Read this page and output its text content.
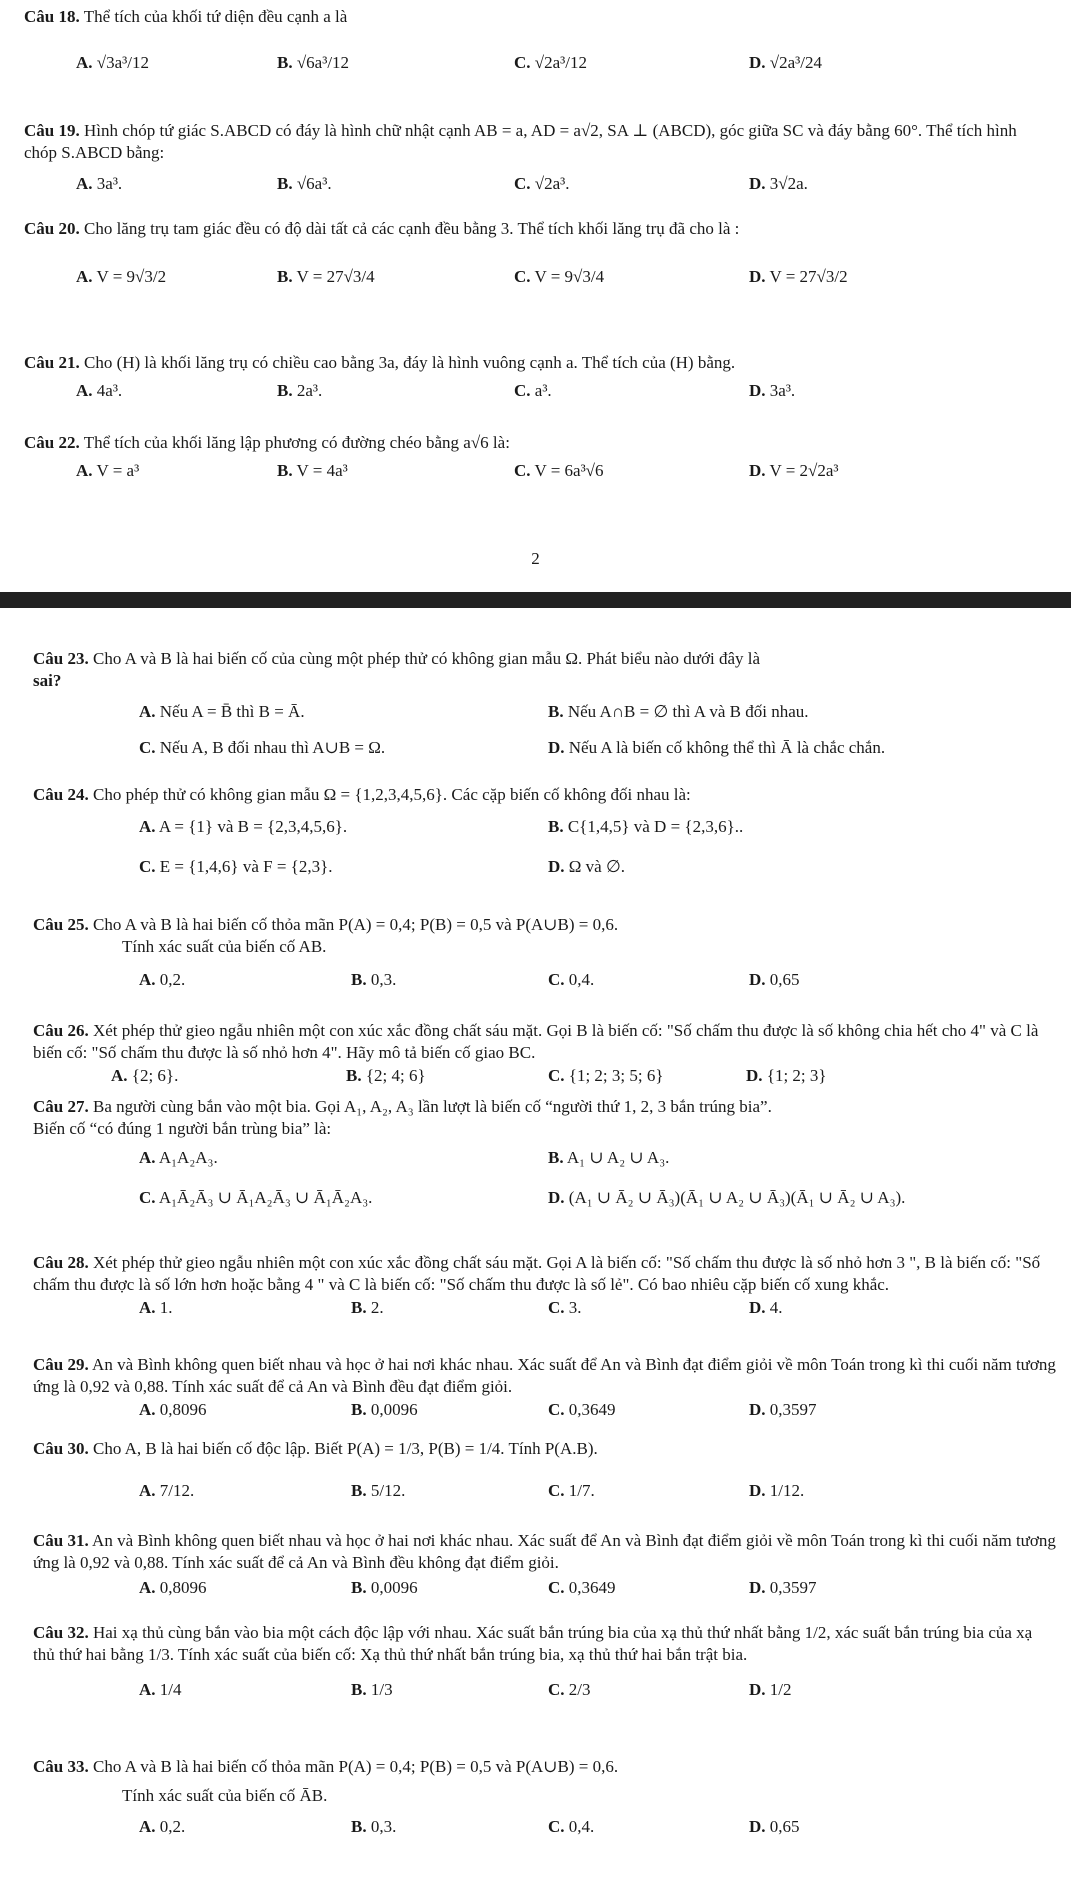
Câu 18. Thể tích của khối tứ diện đều cạnh a là
A. √3a³/12	B. √6a³/12	C. √2a³/12	D. √2a³/24
Câu 19. Hình chóp tứ giác S.ABCD có đáy là hình chữ nhật cạnh AB = a, AD = a√2, SA ⊥ (ABCD), góc giữa SC và đáy bằng 60°. Thể tích hình chóp S.ABCD bằng:
A. 3a³.	B. √6a³.	C. √2a³.	D. 3√2a.
Câu 20. Cho lăng trụ tam giác đều có độ dài tất cả các cạnh đều bằng 3. Thể tích khối lăng trụ đã cho là :
A. V = 9√3/2	B. V = 27√3/4	C. V = 9√3/4	D. V = 27√3/2
Câu 21. Cho (H) là khối lăng trụ có chiều cao bằng 3a, đáy là hình vuông cạnh a. Thể tích của (H) bằng.
A. 4a³.	B. 2a³.	C. a³.	D. 3a³.
Câu 22. Thể tích của khối lăng lập phương có đường chéo bằng a√6 là:
A. V = a³	B. V = 4a³	C. V = 6a³√6	D. V = 2√2a³
2
Câu 23. Cho A và B là hai biến cố của cùng một phép thử có không gian mẫu Ω. Phát biểu nào dưới đây là
sai?
A. Nếu A = B̄ thì B = Ā.	B. Nếu A∩B = ∅ thì A và B đối nhau.
C. Nếu A, B đối nhau thì A∪B = Ω.	D. Nếu A là biến cố không thể thì Ā là chắc chắn.
Câu 24. Cho phép thử có không gian mẫu Ω = {1,2,3,4,5,6}. Các cặp biến cố không đối nhau là:
A. A = {1} và B = {2,3,4,5,6}.	B. C{1,4,5} và D = {2,3,6}..
C. E = {1,4,6} và F = {2,3}.	D. Ω và ∅.
Câu 25. Cho A và B là hai biến cố thỏa mãn P(A) = 0,4; P(B) = 0,5 và P(A∪B) = 0,6.
Tính xác suất của biến cố AB.
A. 0,2.	B. 0,3.	C. 0,4.	D. 0,65
Câu 26. Xét phép thử gieo ngẫu nhiên một con xúc xắc đồng chất sáu mặt. Gọi B là biến cố: "Số chấm thu được là số không chia hết cho 4" và C là biến cố: "Số chấm thu được là số nhỏ hơn 4". Hãy mô tả biến cố giao BC.
A. {2; 6}.	B. {2; 4; 6}	C. {1; 2; 3; 5; 6}	D. {1; 2; 3}
Câu 27. Ba người cùng bắn vào một bia. Gọi A₁, A₂, A₃ lần lượt là biến cố “người thứ 1, 2, 3 bắn trúng bia”.
Biến cố “có đúng 1 người bắn trùng bia” là:
A. A₁A₂A₃.	B. A₁ ∪ A₂ ∪ A₃.
C. A₁Ā₂Ā₃ ∪ Ā₁A₂Ā₃ ∪ Ā₁Ā₂A₃.	D. (A₁ ∪ Ā₂ ∪ Ā₃)(Ā₁ ∪ A₂ ∪ Ā₃)(Ā₁ ∪ Ā₂ ∪ A₃).
Câu 28. Xét phép thử gieo ngẫu nhiên một con xúc xắc đồng chất sáu mặt. Gọi A là biến cố: "Số chấm thu được là số nhỏ hơn 3 ", B là biến cố: "Số chấm thu được là số lớn hơn hoặc bằng 4 " và C là biến cố: "Số chấm thu được là số lẻ". Có bao nhiêu cặp biến cố xung khắc.
A. 1.	B. 2.	C. 3.	D. 4.
Câu 29. An và Bình không quen biết nhau và học ở hai nơi khác nhau. Xác suất để An và Bình đạt điểm giỏi về môn Toán trong kì thi cuối năm tương ứng là 0,92 và 0,88. Tính xác suất để cả An và Bình đều đạt điểm giỏi.
A. 0,8096	B. 0,0096	C. 0,3649	D. 0,3597
Câu 30. Cho A, B là hai biến cố độc lập. Biết P(A) = 1/3, P(B) = 1/4. Tính P(A.B).
A. 7/12.	B. 5/12.	C. 1/7.	D. 1/12.
Câu 31. An và Bình không quen biết nhau và học ở hai nơi khác nhau. Xác suất để An và Bình đạt điểm giỏi về môn Toán trong kì thi cuối năm tương ứng là 0,92 và 0,88. Tính xác suất để cả An và Bình đều không đạt điểm giỏi.
A. 0,8096	B. 0,0096	C. 0,3649	D. 0,3597
Câu 32. Hai xạ thủ cùng bắn vào bia một cách độc lập với nhau. Xác suất bắn trúng bia của xạ thủ thứ nhất bằng 1/2, xác suất bắn trúng bia của xạ thủ thứ hai bằng 1/3. Tính xác suất của biến cố: Xạ thủ thứ nhất bắn trúng bia, xạ thủ thứ hai bắn trật bia.
A. 1/4	B. 1/3	C. 2/3	D. 1/2
Câu 33. Cho A và B là hai biến cố thỏa mãn P(A) = 0,4; P(B) = 0,5 và P(A∪B) = 0,6.
Tính xác suất của biến cố ĀB.
A. 0,2.	B. 0,3.	C. 0,4.	D. 0,65
